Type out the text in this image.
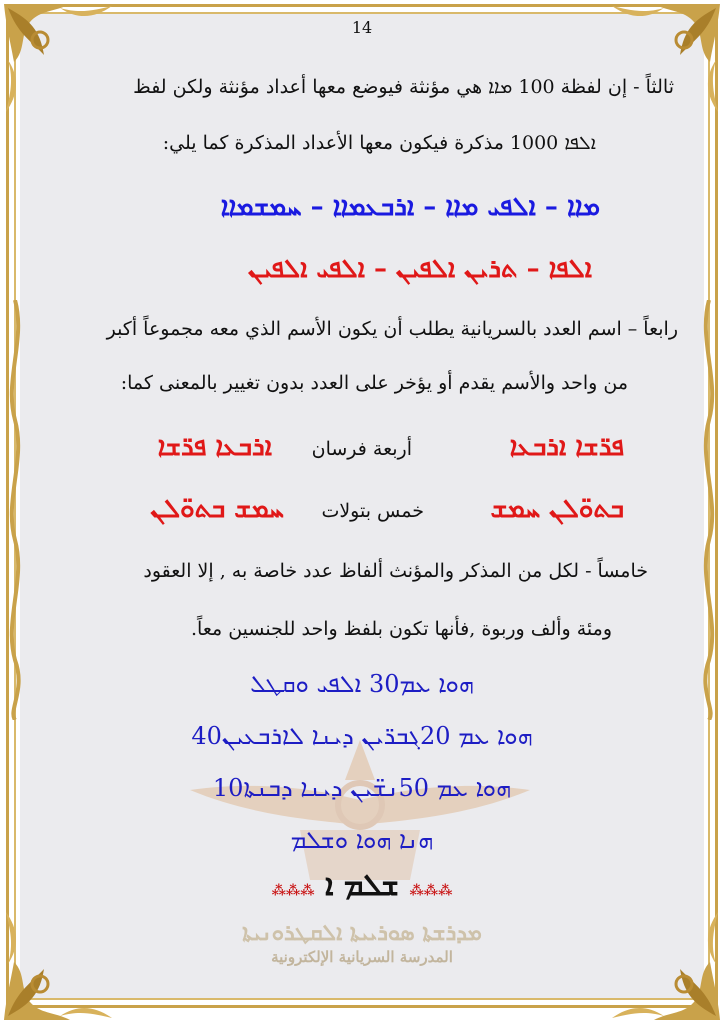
14
ثالثاً - إن لفظة 100 ܡܐܐ هي مؤنثة فيوضع معها أعداد مؤنثة ولكن لفظ
ܐܠܦܐ 1000 مذكرة فيكون معها الأعداد المذكرة كما يلي:
ܡܐܐ – ܐܠܦܝ ܡܐܐ – ܐܪܒܥܡܐܐ – ܚܡܫܡܐܐ
ܐܠܦܐ – ܬܪܝܢ ܐܠܦܝܢ – ܐܠܦܝ ܐܠܦܝܢ
رابعاً – اسم العدد بالسريانية يطلب أن يكون الأسم الذي معه مجموعاً أكبر
من واحد والأسم يقدم أو يؤخر على العدد بدون تغيير بالمعنى كما:
ܦܪ̈ܫܐ ܐܪܒܥܐ
أربعة فرسان
ܐܪܒܥܐ ܦܪ̈ܫܐ
ܒܬܘ̈ܠܢ ܚܡܫ
خمس بتولات
ܚܡܫ ܒܬܘ̈ܠܢ
خامساً - لكل من المذكر والمؤنث ألفاظ عدد خاصة به , إلا العقود
ومئة وألف وربوة ,فأنها تكون بلفظ واحد للجنسين معاً.
ܗܘܐ ܥܡ30 ܐܠܦܝ ܘܩܛܠ
ܗܘܐ ܥܡ 20ܓܒܪ̈ܝܢ ܕܝܢܐ ܠܐܪܒܥܝܢ40
ܗܘܐ ܥܡ 50ܢܫ̈ܝܢ ܕܝܢܐ ܕܒܢܬܐ10
ܗܢܐ ܗܘܐ ܘܫܠܡ
⁂⁂⁂ ܫܠܡ ܐ ⁂⁂⁂
ܡܕܪܫܬܐ ܣܘܪܝܝܬܐ ܐܠܩܛܪܘܢܝܬܐ
المدرسة السريانية الإلكترونية
